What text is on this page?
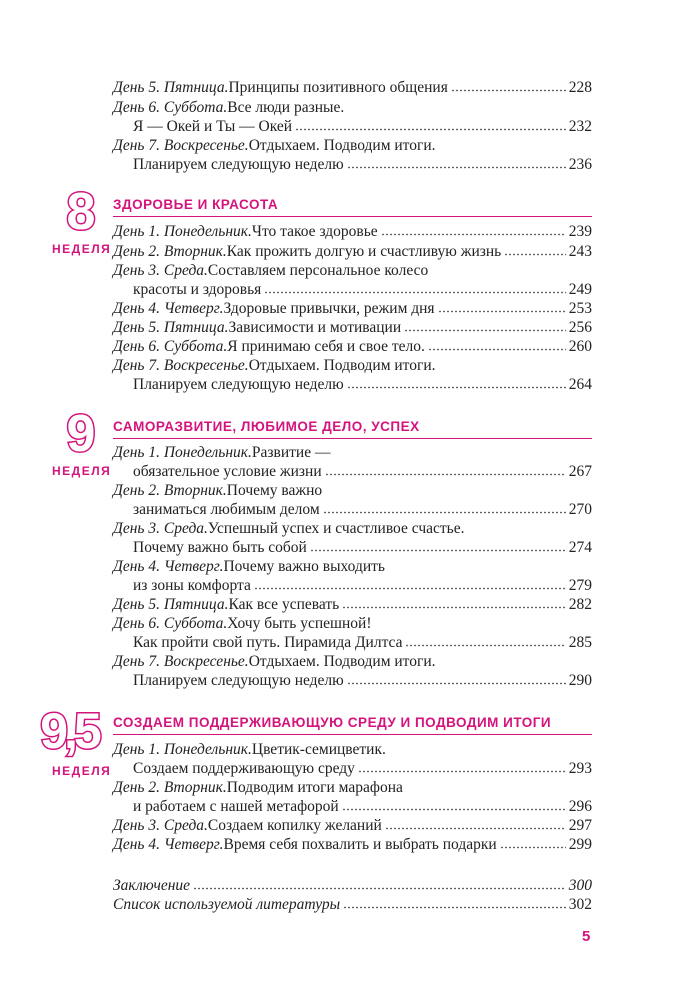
День 5. Пятница. Принципы позитивного общения	228
День 6. Суббота. Все люди разные.
Я — Окей и Ты — Окей	232
День 7. Воскресенье. Отдыхаем. Подводим итоги.
Планируем следующую неделю	236
8
НЕДЕЛЯ
ЗДОРОВЬЕ И КРАСОТА
День 1. Понедельник. Что такое здоровье	239
День 2. Вторник. Как прожить долгую и счастливую жизнь	243
День 3. Среда. Составляем персональное колесо
красоты и здоровья	249
День 4. Четверг. Здоровые привычки, режим дня	253
День 5. Пятница. Зависимости и мотивации	256
День 6. Суббота. Я принимаю себя и свое тело.	260
День 7. Воскресенье. Отдыхаем. Подводим итоги.
Планируем следующую неделю	264
9
НЕДЕЛЯ
САМОРАЗВИТИЕ, ЛЮБИМОЕ ДЕЛО, УСПЕХ
День 1. Понедельник. Развитие —
обязательное условие жизни	267
День 2. Вторник. Почему важно
заниматься любимым делом	270
День 3. Среда. Успешный успех и счастливое счастье.
Почему важно быть собой	274
День 4. Четверг. Почему важно выходить
из зоны комфорта	279
День 5. Пятница. Как все успевать	282
День 6. Суббота. Хочу быть успешной!
Как пройти свой путь. Пирамида Дилтса	285
День 7. Воскресенье. Отдыхаем. Подводим итоги.
Планируем следующую неделю	290
9,5
НЕДЕЛЯ
СОЗДАЕМ ПОДДЕРЖИВАЮЩУЮ СРЕДУ И ПОДВОДИМ ИТОГИ
День 1. Понедельник. Цветик-семицветик.
Создаем поддерживающую среду	293
День 2. Вторник. Подводим итоги марафона
и работаем с нашей метафорой	296
День 3. Среда. Создаем копилку желаний	297
День 4. Четверг. Время себя похвалить и выбрать подарки	299
Заключение	300
Список используемой литературы	302
5
